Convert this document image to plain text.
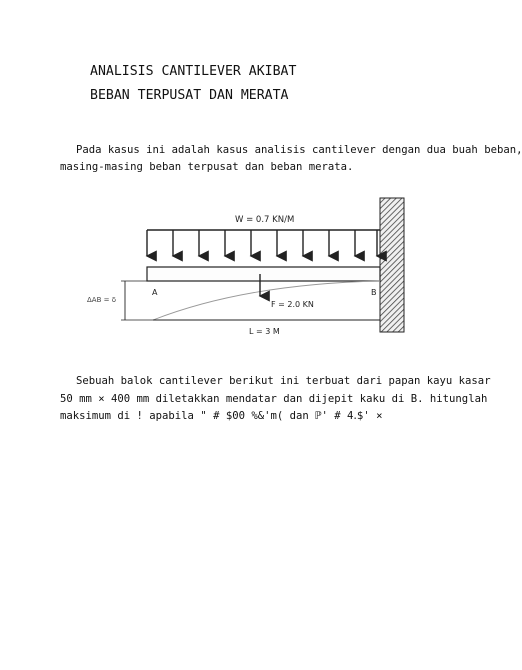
ANALISIS CANTILEVER AKIBAT
BEBAN TERPUSAT DAN MERATA

Pada kasus ini adalah kasus analisis cantilever dengan dua buah beban,
masing-masing beban terpusat dan beban merata.

W = 0.7 KN/M
A	B
F = 2.0 KN
ΔAB = δ
L = 3 M

Sebuah balok cantilever berikut ini terbuat dari papan kayu kasar
50 mm × 400 mm diletakkan mendatar dan dijepit kaku di B. hitunglah
maksimum di ! apabila " # $00 %&'m( dan ℙ' # 4․$' ×
